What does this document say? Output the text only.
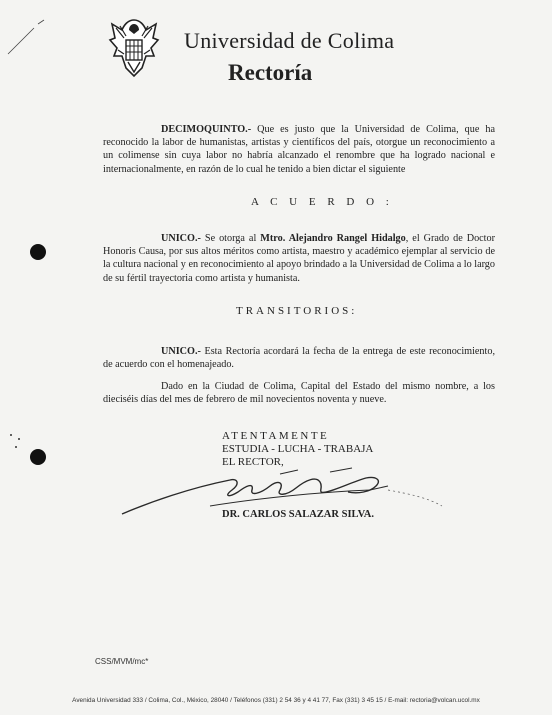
Universidad de Colima
Rectoría
DECIMOQUINTO.- Que es justo que la Universidad de Colima, que ha reconocido la labor de humanistas, artistas y científicos del país, otorgue un reconocimiento a un colimense sin cuya labor no habría alcanzado el renombre que ha logrado nacional e internacionalmente, en razón de lo cual he tenido a bien dictar el siguiente
A C U E R D O :
UNICO.- Se otorga al Mtro. Alejandro Rangel Hidalgo, el Grado de Doctor Honoris Causa, por sus altos méritos como artista, maestro y académico ejemplar al servicio de la cultura nacional y en reconocimiento al apoyo brindado a la Universidad de Colima a lo largo de su fértil trayectoria como artista y humanista.
TRANSITORIOS:
UNICO.- Esta Rectoría acordará la fecha de la entrega de este reconocimiento, de acuerdo con el homenajeado.
Dado en la Ciudad de Colima, Capital del Estado del mismo nombre, a los dieciséis días del mes de febrero de mil novecientos noventa y nueve.
ATENTAMENTE
ESTUDIA - LUCHA - TRABAJA
EL RECTOR,
DR. CARLOS SALAZAR SILVA.
CSS/MVM/mc*
Avenida Universidad 333 / Colima, Col., México, 28040 / Teléfonos (331) 2 54 36 y 4 41 77, Fax (331) 3 45 15 / E-mail: rectoria@volcan.ucol.mx
